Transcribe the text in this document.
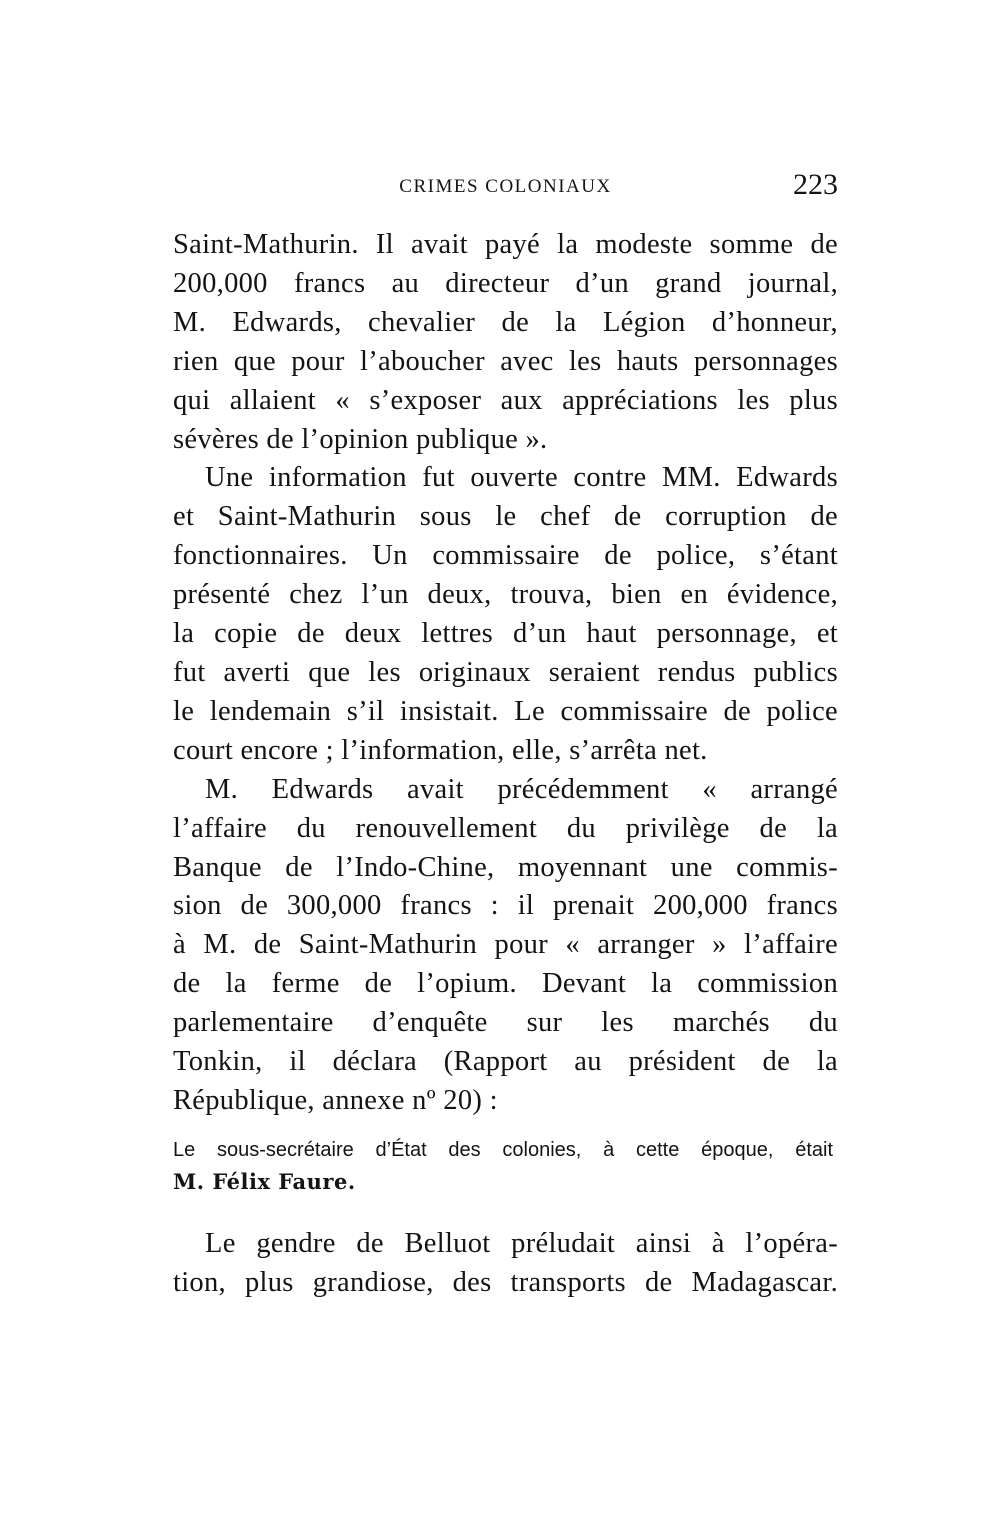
CRIMES COLONIAUX	223

Saint-Mathurin. Il avait payé la modeste somme de
200,000 francs au directeur d’un grand journal,
M. Edwards, chevalier de la Légion d’honneur,
rien que pour l’aboucher avec les hauts personnages
qui allaient « s’exposer aux appréciations les plus
sévères de l’opinion publique ».

Une information fut ouverte contre MM. Edwards
et Saint-Mathurin sous le chef de corruption de
fonctionnaires. Un commissaire de police, s’étant
présenté chez l’un deux, trouva, bien en évidence,
la copie de deux lettres d’un haut personnage, et
fut averti que les originaux seraient rendus publics
le lendemain s’il insistait. Le commissaire de police
court encore ; l’information, elle, s’arrêta net.

M. Edwards avait précédemment « arrangé
l’affaire du renouvellement du privilège de la
Banque de l’Indo-Chine, moyennant une commis-
sion de 300,000 francs : il prenait 200,000 francs
à M. de Saint-Mathurin pour « arranger » l’affaire
de la ferme de l’opium. Devant la commission
parlementaire d’enquête sur les marchés du
Tonkin, il déclara (Rapport au président de la
République, annexe nº 20) :

Le sous-secrétaire d’État des colonies, à cette époque, était
M. Félix Faure.

Le gendre de Belluot préludait ainsi à l’opéra-
tion, plus grandiose, des transports de Madagascar.
